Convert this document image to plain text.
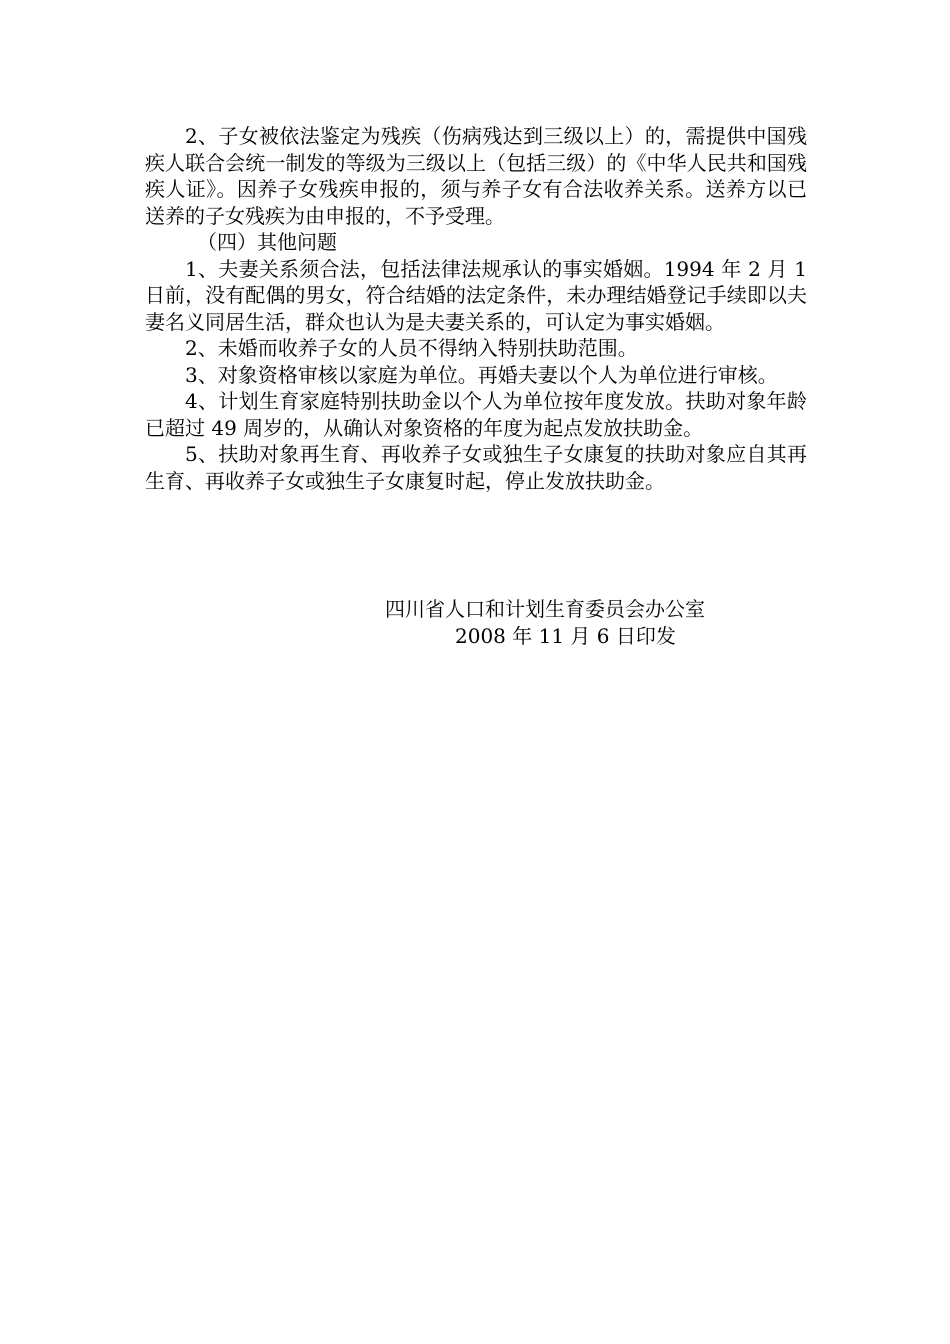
2、子女被依法鉴定为残疾（伤病残达到三级以上）的，需提供中国残疾人联合会统一制发的等级为三级以上（包括三级）的《中华人民共和国残疾人证》。因养子女残疾申报的，须与养子女有合法收养关系。送养方以已送养的子女残疾为由申报的，不予受理。

（四）其他问题

1、夫妻关系须合法，包括法律法规承认的事实婚姻。1994 年 2 月 1 日前，没有配偶的男女，符合结婚的法定条件，未办理结婚登记手续即以夫妻名义同居生活，群众也认为是夫妻关系的，可认定为事实婚姻。

2、未婚而收养子女的人员不得纳入特别扶助范围。

3、对象资格审核以家庭为单位。再婚夫妻以个人为单位进行审核。

4、计划生育家庭特别扶助金以个人为单位按年度发放。扶助对象年龄已超过 49 周岁的，从确认对象资格的年度为起点发放扶助金。

5、扶助对象再生育、再收养子女或独生子女康复的扶助对象应自其再生育、再收养子女或独生子女康复时起，停止发放扶助金。

四川省人口和计划生育委员会办公室
2008 年 11 月 6 日印发
